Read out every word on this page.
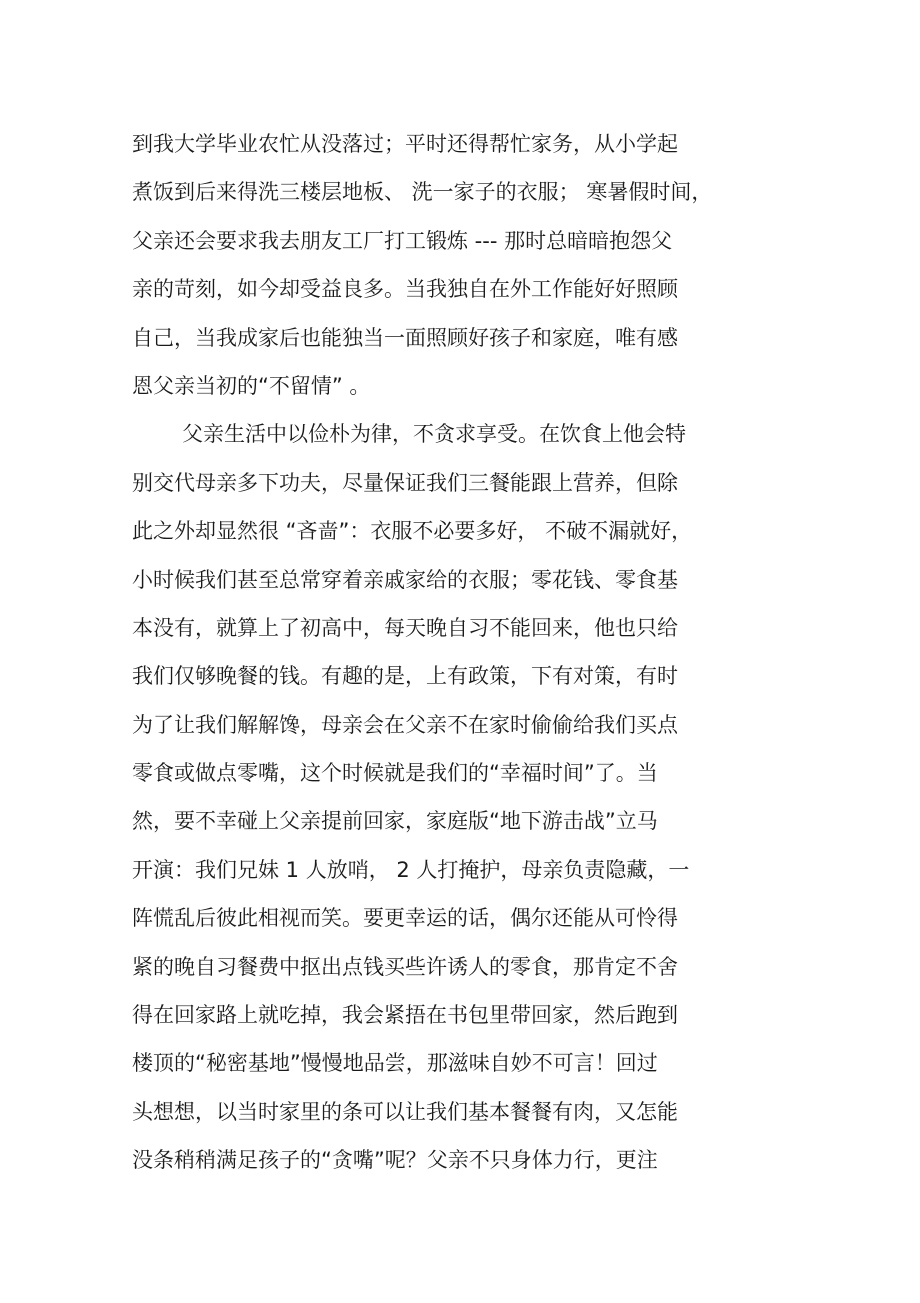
到我大学毕业农忙从没落过；平时还得帮忙家务，从小学起
煮饭到后来得洗三楼层地板、 洗一家子的衣服； 寒暑假时间，
父亲还会要求我去朋友工厂打工锻炼 --- 那时总暗暗抱怨父
亲的苛刻，如今却受益良多。当我独自在外工作能好好照顾
自己，当我成家后也能独当一面照顾好孩子和家庭，唯有感
恩父亲当初的“不留情” 。
父亲生活中以俭朴为律，不贪求享受。在饮食上他会特
别交代母亲多下功夫，尽量保证我们三餐能跟上营养，但除
此之外却显然很 “吝啬”：衣服不必要多好， 不破不漏就好，
小时候我们甚至总常穿着亲戚家给的衣服；零花钱、零食基
本没有，就算上了初高中，每天晚自习不能回来，他也只给
我们仅够晚餐的钱。有趣的是，上有政策，下有对策，有时
为了让我们解解馋，母亲会在父亲不在家时偷偷给我们买点
零食或做点零嘴，这个时候就是我们的“幸福时间”了。当
然，要不幸碰上父亲提前回家，家庭版“地下游击战”立马
开演：我们兄妹 1 人放哨， 2 人打掩护，母亲负责隐藏，一
阵慌乱后彼此相视而笑。要更幸运的话，偶尔还能从可怜得
紧的晚自习餐费中抠出点钱买些许诱人的零食，那肯定不舍
得在回家路上就吃掉，我会紧捂在书包里带回家，然后跑到
楼顶的“秘密基地”慢慢地品尝，那滋味自妙不可言！回过
头想想，以当时家里的条可以让我们基本餐餐有肉，又怎能
没条稍稍满足孩子的“贪嘴”呢？父亲不只身体力行，更注
